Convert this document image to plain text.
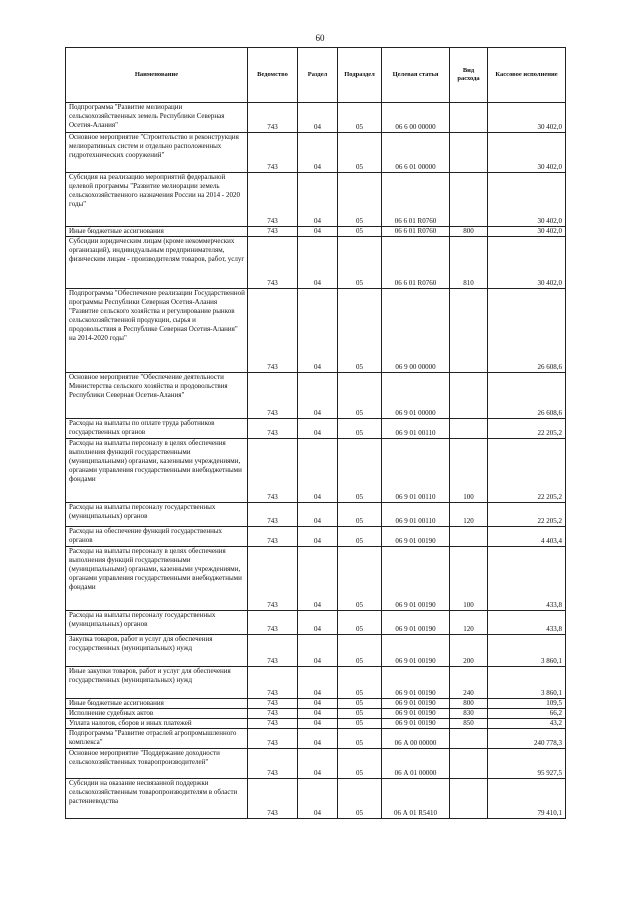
60
Наименование	Ведомство	Раздел	Подраздел	Целевая статья	Вид расхода	Кассовое исполнение
Подпрограмма "Развитие мелиорации сельскохозяйственных земель Республики Северная Осетия-Алания"	743	04	05	06 6 00 00000		30 402,0
Основное мероприятие "Строительство и реконструкция мелиоративных систем и отдельно расположенных гидротехнических сооружений"	743	04	05	06 6 01 00000		30 402,0
Субсидия на реализацию мероприятий федеральной целевой программы "Развитие мелиорации земель сельскохозяйственного назначения России на 2014 - 2020 годы"	743	04	05	06 6 01 R0760		30 402,0
Иные бюджетные ассигнования	743	04	05	06 6 01 R0760	800	30 402,0
Субсидии юридическим лицам (кроме некоммерческих организаций), индивидуальным предпринимателям, физическим лицам - производителям товаров, работ, услуг	743	04	05	06 6 01 R0760	810	30 402,0
Подпрограмма "Обеспечение реализации Государственной программы Республики Северная Осетия-Алания "Развитие сельского хозяйства и регулирование рынков сельскохозяйственной продукции, сырья и продовольствия в Республике Северная Осетия-Алания" на 2014-2020 годы"	743	04	05	06 9 00 00000		26 608,6
Основное мероприятие "Обеспечение деятельности Министерства сельского хозяйства и продовольствия Республики Северная Осетия-Алания"	743	04	05	06 9 01 00000		26 608,6
Расходы на выплаты по оплате труда работников государственных органов	743	04	05	06 9 01 00110		22 205,2
Расходы на выплаты персоналу в целях обеспечения выполнения функций государственными (муниципальными) органами, казенными учреждениями, органами управления государственными внебюджетными фондами	743	04	05	06 9 01 00110	100	22 205,2
Расходы на выплаты персоналу государственных (муниципальных) органов	743	04	05	06 9 01 00110	120	22 205,2
Расходы на обеспечение функций государственных органов	743	04	05	06 9 01 00190		4 403,4
Расходы на выплаты персоналу в целях обеспечения выполнения функций государственными (муниципальными) органами, казенными учреждениями, органами управления государственными внебюджетными фондами	743	04	05	06 9 01 00190	100	433,8
Расходы на выплаты персоналу государственных (муниципальных) органов	743	04	05	06 9 01 00190	120	433,8
Закупка товаров, работ и услуг для обеспечения государственных (муниципальных) нужд	743	04	05	06 9 01 00190	200	3 860,1
Иные закупки товаров, работ и услуг для обеспечения государственных (муниципальных) нужд	743	04	05	06 9 01 00190	240	3 860,1
Иные бюджетные ассигнования	743	04	05	06 9 01 00190	800	109,5
Исполнение судебных актов	743	04	05	06 9 01 00190	830	66,2
Уплата налогов, сборов и иных платежей	743	04	05	06 9 01 00190	850	43,2
Подпрограмма "Развитие отраслей агропромышленного комплекса"	743	04	05	06 А 00 00000		240 778,3
Основное мероприятие "Поддержание доходности сельскохозяйственных товаропроизводителей"	743	04	05	06 А 01 00000		95 927,5
Субсидии на оказание несвязанной поддержки сельскохозяйственным товаропроизводителям в области растениеводства	743	04	05	06 А 01 R5410		79 410,1
